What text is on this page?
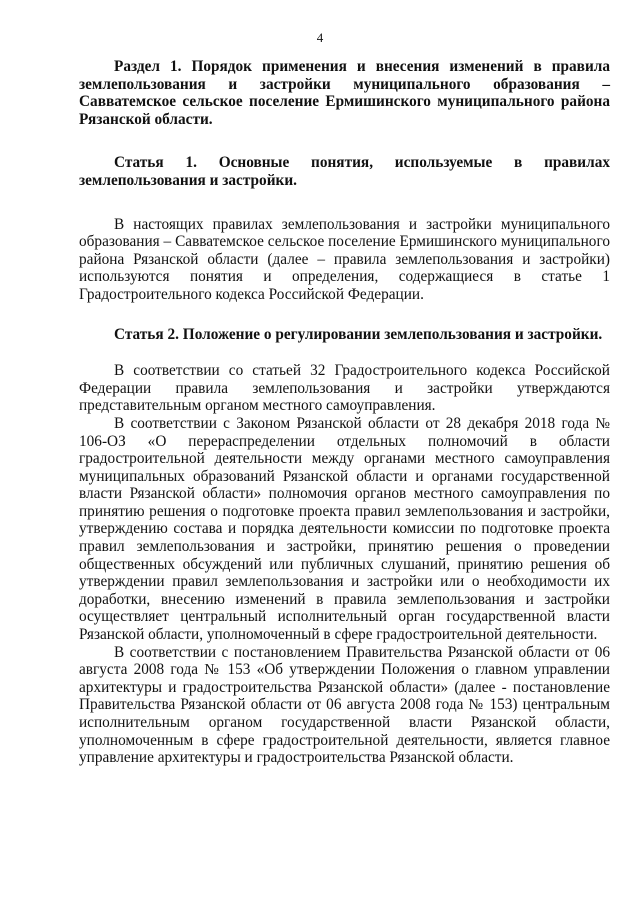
4

Раздел 1. Порядок применения и внесения изменений в правила землепользования и застройки муниципального образования – Савватемское сельское поселение Ермишинского муниципального района Рязанской области.

Статья 1. Основные понятия, используемые в правилах землепользования и застройки.

В настоящих правилах землепользования и застройки муниципального образования – Савватемское сельское поселение Ермишинского муниципального района Рязанской области (далее – правила землепользования и застройки) используются понятия и определения, содержащиеся в статье 1 Градостроительного кодекса Российской Федерации.

Статья 2. Положение о регулировании землепользования и застройки.

В соответствии со статьей 32 Градостроительного кодекса Российской Федерации правила землепользования и застройки утверждаются представительным органом местного самоуправления.

В соответствии с Законом Рязанской области от 28 декабря 2018 года № 106-ОЗ «О перераспределении отдельных полномочий в области градостроительной деятельности между органами местного самоуправления муниципальных образований Рязанской области и органами государственной власти Рязанской области» полномочия органов местного самоуправления по принятию решения о подготовке проекта правил землепользования и застройки, утверждению состава и порядка деятельности комиссии по подготовке проекта правил землепользования и застройки, принятию решения о проведении общественных обсуждений или публичных слушаний, принятию решения об утверждении правил землепользования и застройки или о необходимости их доработки, внесению изменений в правила землепользования и застройки осуществляет центральный исполнительный орган государственной власти Рязанской области, уполномоченный в сфере градостроительной деятельности.

В соответствии с постановлением Правительства Рязанской области от 06 августа 2008 года № 153 «Об утверждении Положения о главном управлении архитектуры и градостроительства Рязанской области» (далее - постановление Правительства Рязанской области от 06 августа 2008 года № 153) центральным исполнительным органом государственной власти Рязанской области, уполномоченным в сфере градостроительной деятельности, является главное управление архитектуры и градостроительства Рязанской области.
